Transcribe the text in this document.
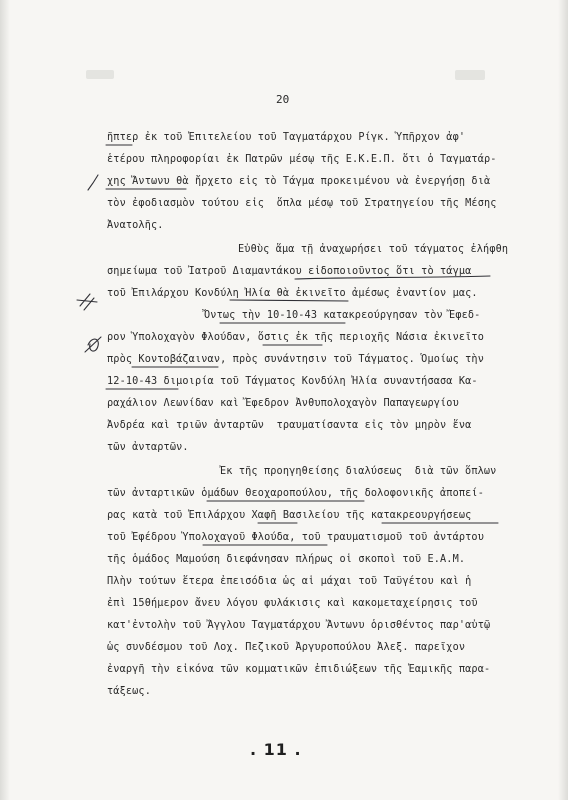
20
ῆπτερ ἐκ τοῦ Ἐπιτελείου τοῦ Ταγματάρχου Ρίγκ. Ὑπῆρχον ἀφ'
ἑτέρου πληροφορίαι ἐκ Πατρῶν μέσῳ τῆς Ε.Κ.Ε.Π. ὅτι ὁ Ταγματάρ-
χης Ἄντωνυ θὰ ἤρχετο εἰς τὸ Τάγμα προκειμένου νὰ ἐνεργήσῃ διὰ
τὸν ἐφοδιασμὸν τούτου εἰς  ὅπλα μέσῳ τοῦ Στρατηγείου τῆς Μέσης
Ἀνατολῆς.
Εὐθὺς ἅμα τῇ ἀναχωρήσει τοῦ τάγματος ἐλήφθη
σημείωμα τοῦ Ἰατροῦ Διαμαντάκου εἰδοποιοῦντος ὅτι τὸ τάγμα
τοῦ Ἐπιλάρχου Κονδύλη Ἠλία θὰ ἐκινεῖτο ἀμέσως ἐναντίον μας.
Ὄντως τὴν 10-10-43 κατακρεούργησαν τὸν Ἔφεδ-
ρον Ὑπολοχαγὸν Φλούδαν, ὅστις ἐκ τῆς περιοχῆς Νάσια ἐκινεῖτο
πρὸς Κοντοβάζαιναν, πρὸς συνάντησιν τοῦ Τάγματος. Ὁμοίως τὴν
12-10-43 διμοιρία τοῦ Τάγματος Κονδύλη Ἠλία συναντήσασα Κα-
ραχάλιον Λεωνίδαν καὶ Ἔφεδρον Ἀνθυπολοχαγὸν Παπαγεωργίου
Ἀνδρέα καὶ τριῶν ἀνταρτῶν  τραυματίσαντα εἰς τὸν μηρὸν ἕνα
τῶν ἀνταρτῶν.
Ἐκ τῆς προηγηθείσης διαλύσεως  διὰ τῶν ὅπλων
τῶν ἀνταρτικῶν ὁμάδων Θεοχαροπούλου, τῆς δολοφονικῆς ἀποπεί-
ρας κατὰ τοῦ Ἐπιλάρχου Χαφῆ Βασιλείου τῆς κατακρεουργήσεως
τοῦ Ἐφέδρου Ὑπολοχαγοῦ Φλούδα, τοῦ τραυματισμοῦ τοῦ ἀντάρτου
τῆς ὁμάδος Μαμούση διεφάνησαν πλήρως οἱ σκοποὶ τοῦ Ε.Α.Μ.
Πλὴν τούτων ἕτερα ἐπεισόδια ὡς αἱ μάχαι τοῦ Ταϋγέτου καὶ ἡ
ἐπὶ 15θήμερον ἄνευ λόγου φυλάκισις καὶ κακομεταχείρησις τοῦ
κατ'ἐντολὴν τοῦ Ἄγγλου Ταγματάρχου Ἄντωνυ ὁρισθέντος παρ'αὐτῷ
ὡς συνδέσμου τοῦ Λοχ. Πεζικοῦ Ἀργυροπούλου Ἀλεξ. παρεῖχον
ἐναργῆ τὴν εἰκόνα τῶν κομματικῶν ἐπιδιώξεων τῆς Ἐαμικῆς παρα-
τάξεως.
. 11 .
